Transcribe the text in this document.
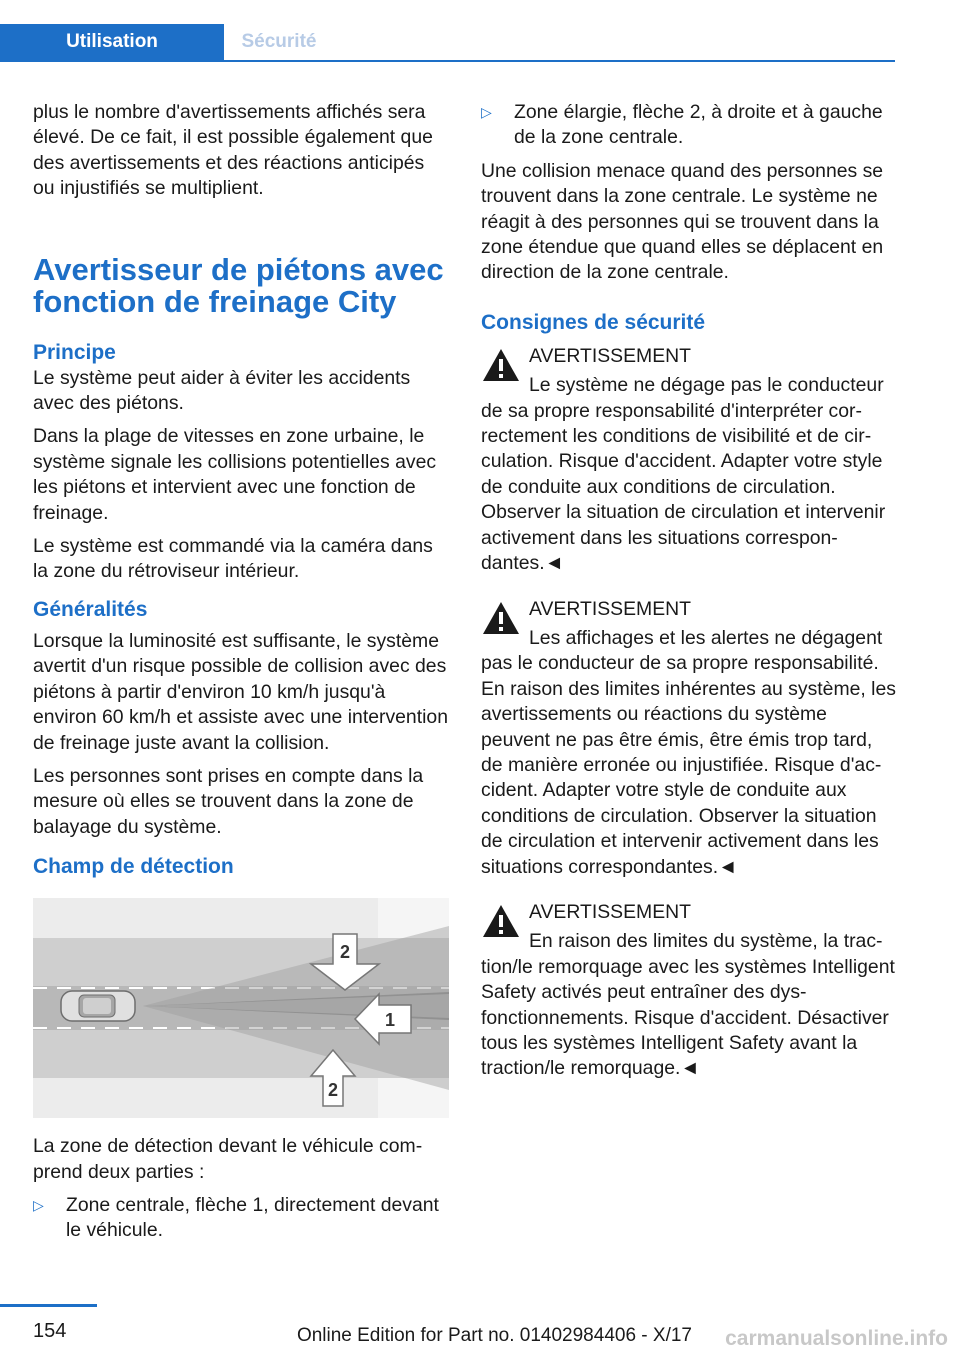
Utilisation	Sécurité

plus le nombre d'avertissements affichés sera élevé. De ce fait, il est possible également que des avertissements et des réactions anticipés ou injustifiés se multiplient.

Avertisseur de piétons avec fonction de freinage City
Principe

Le système peut aider à éviter les accidents avec des piétons.

Dans la plage de vitesses en zone urbaine, le système signale les collisions potentielles avec les piétons et intervient avec une fonction de freinage.

Le système est commandé via la caméra dans la zone du rétroviseur intérieur.

Généralités

Lorsque la luminosité est suffisante, le système avertit d'un risque possible de collision avec des piétons à partir d'environ 10 km/h jusqu'à environ 60 km/h et assiste avec une intervention de freinage juste avant la collision.

Les personnes sont prises en compte dans la mesure où elles se trouvent dans la zone de balayage du système.

Champ de détection
2
1
2

La zone de détection devant le véhicule comprend deux parties :

▷	Zone centrale, flèche 1, directement devant le véhicule.
▷	Zone élargie, flèche 2, à droite et à gauche de la zone centrale.

Une collision menace quand des personnes se trouvent dans la zone centrale. Le système ne réagit à des personnes qui se trouvent dans la zone étendue que quand elles se déplacent en direction de la zone centrale.

Consignes de sécurité
AVERTISSEMENT

Le système ne dégage pas le conducteur de sa propre responsabilité d'interpréter correctement les conditions de visibilité et de circulation. Risque d'accident. Adapter votre style de conduite aux conditions de circulation. Observer la situation de circulation et intervenir activement dans les situations correspondantes.◄

AVERTISSEMENT

Les affichages et les alertes ne dégagent pas le conducteur de sa propre responsabilité. En raison des limites inhérentes au système, les avertissements ou réactions du système peuvent ne pas être émis, être émis trop tard, de manière erronée ou injustifiée. Risque d'accident. Adapter votre style de conduite aux conditions de circulation. Observer la situation de circulation et intervenir activement dans les situations correspondantes.◄

AVERTISSEMENT

En raison des limites du système, la traction/le remorquage avec les systèmes Intelligent Safety activés peut entraîner des dysfonctionnements. Risque d'accident. Désactiver tous les systèmes Intelligent Safety avant la traction/le remorquage.◄

154	Online Edition for Part no. 01402984406 - X/17 carmanualsonline.info
